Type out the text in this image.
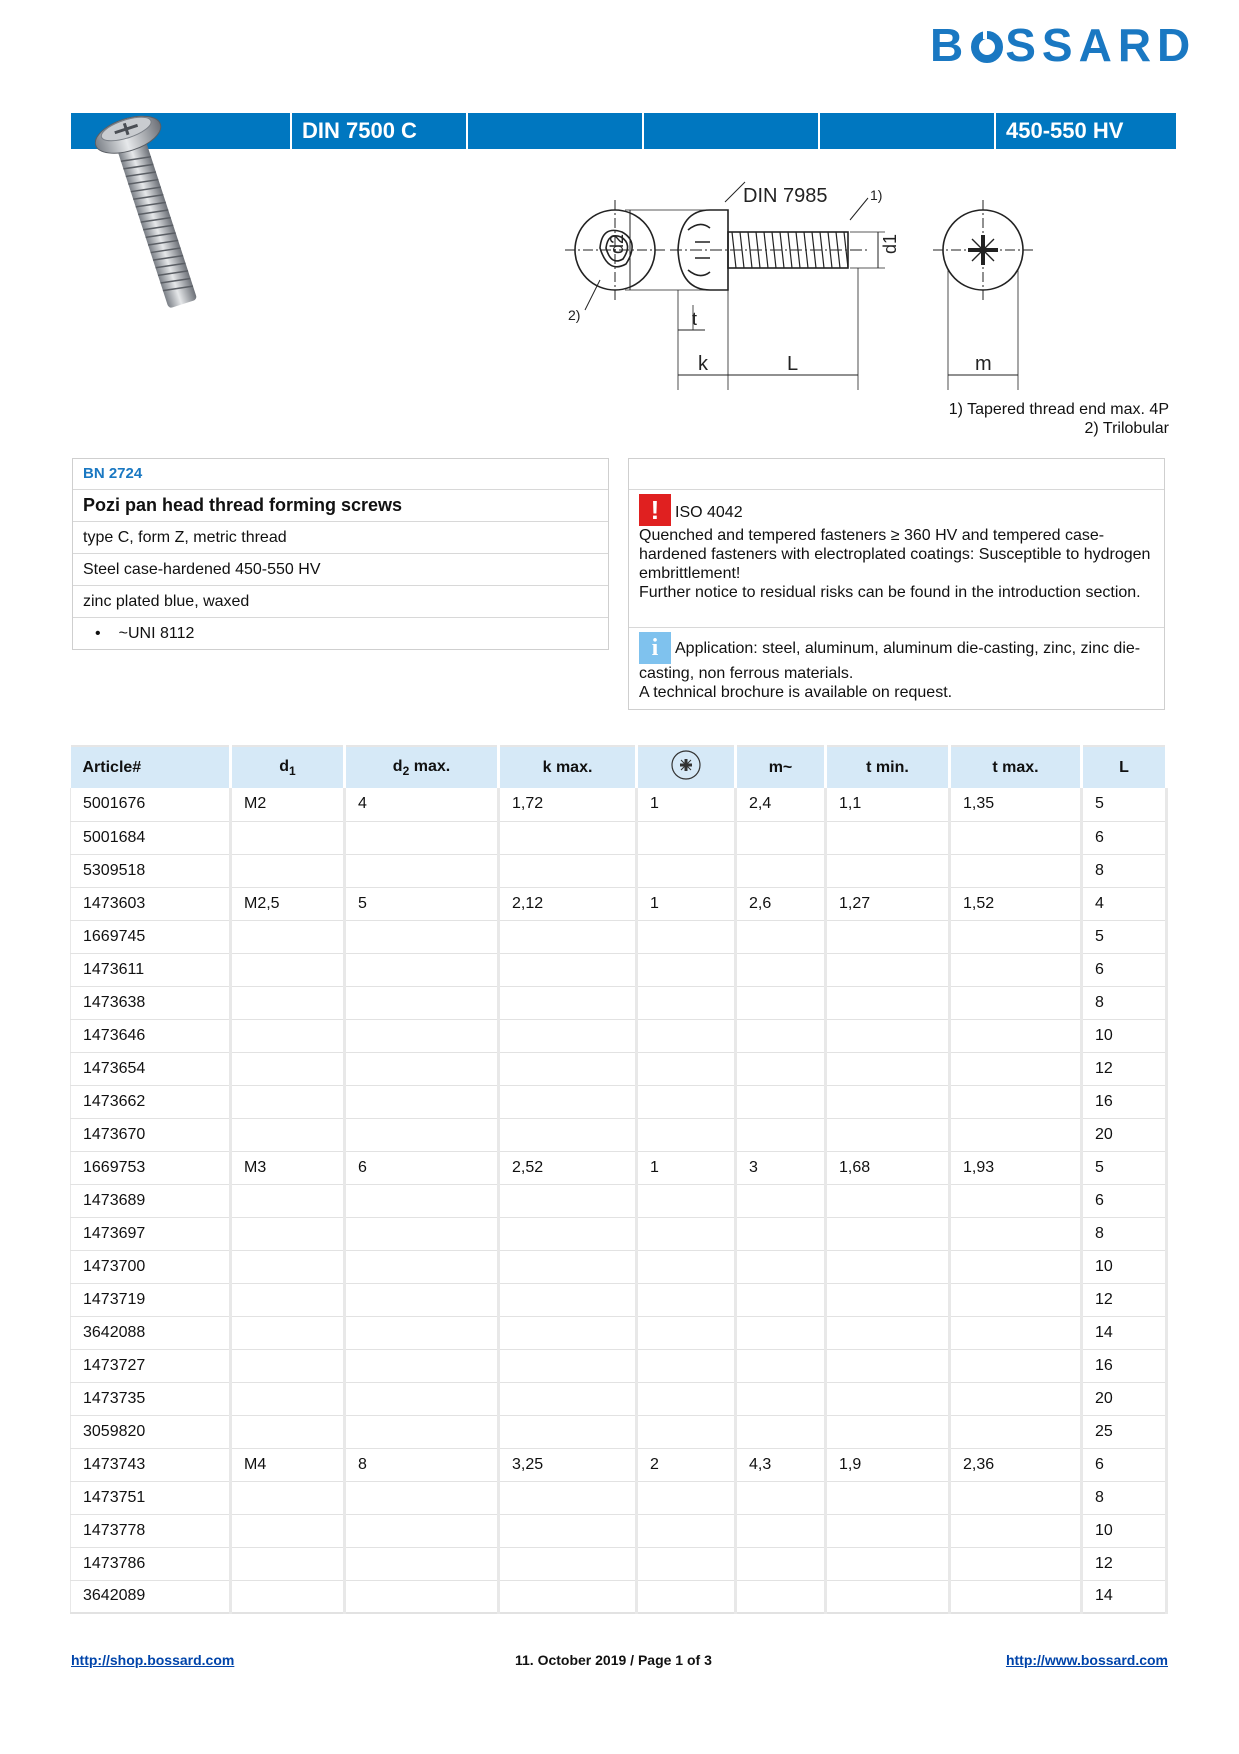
B SSARD
DIN 7500 C	450-550 HV
DIN 7985	1)
2)
d2	d1
t
k	L	m
1) Tapered thread end max. 4P
2) Trilobular
BN 2724
Pozi pan head thread forming screws
type C, form Z, metric thread
Steel case-hardened 450-550 HV
zinc plated blue, waxed
• ~UNI 8112
! ISO 4042
Quenched and tempered fasteners ≥ 360 HV and tempered case-hardened fasteners with electroplated coatings: Susceptible to hydrogen embrittlement!
Further notice to residual risks can be found in the introduction section.
i Application: steel, aluminum, aluminum die-casting, zinc, zinc die-casting, non ferrous materials.
A technical brochure is available on request.
Article#	$d_1$	$d_2$ max.	k max.		m~	t min.	t max.	L
5001676	M2	4	1,72	1	2,4	1,1	1,35	5
5001684								6
5309518								8
1473603	M2,5	5	2,12	1	2,6	1,27	1,52	4
1669745								5
1473611								6
1473638								8
1473646								10
1473654								12
1473662								16
1473670								20
1669753	M3	6	2,52	1	3	1,68	1,93	5
1473689								6
1473697								8
1473700								10
1473719								12
3642088								14
1473727								16
1473735								20
3059820								25
1473743	M4	8	3,25	2	4,3	1,9	2,36	6
1473751								8
1473778								10
1473786								12
3642089								14
http://shop.bossard.com	11. October 2019 / Page 1 of 3	http://www.bossard.com
